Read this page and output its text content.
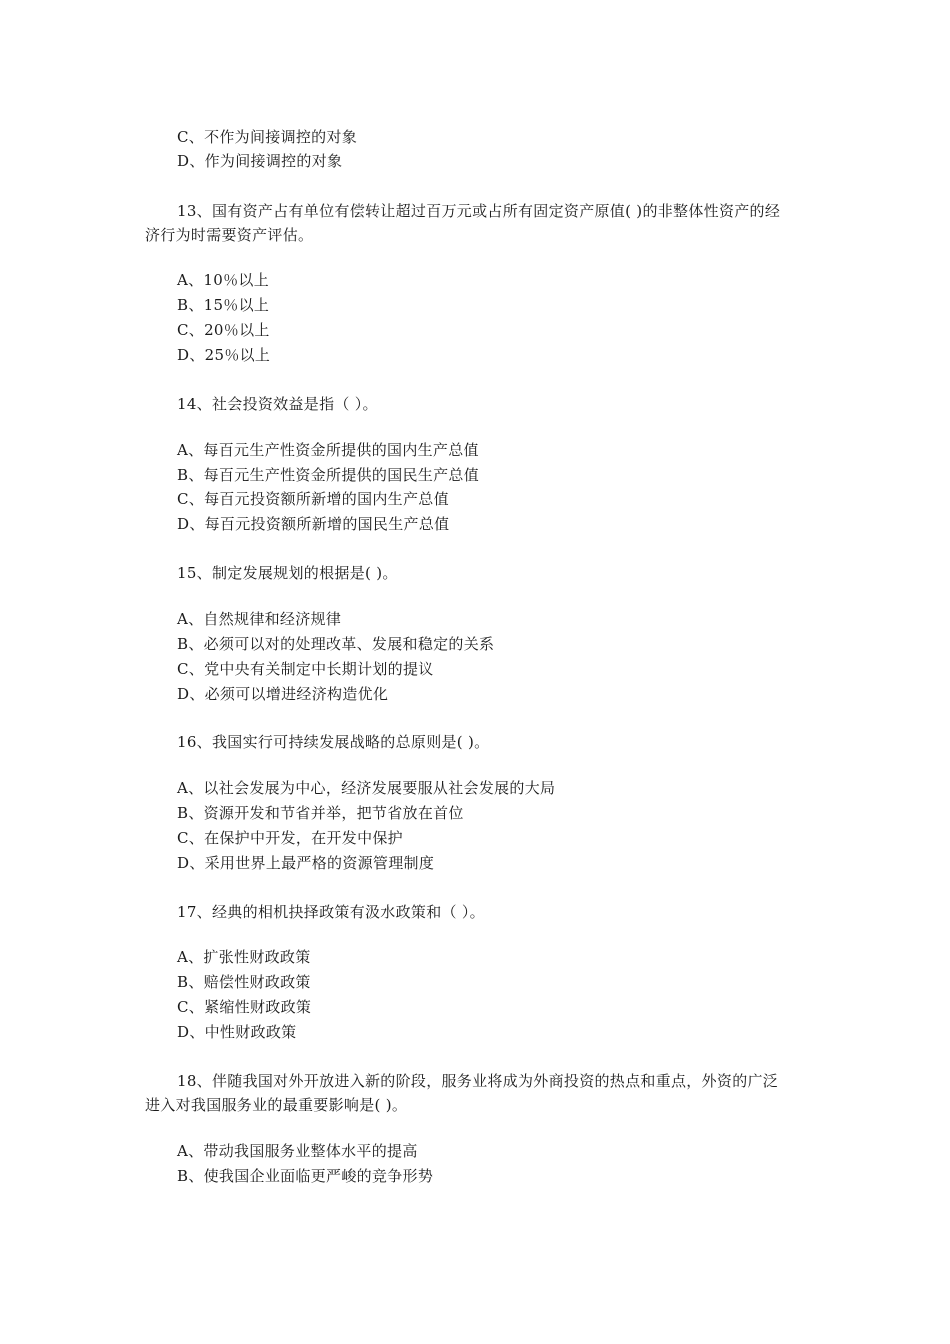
C、不作为间接调控的对象
D、作为间接调控的对象
13、国有资产占有单位有偿转让超过百万元或占所有固定资产原值( )的非整体性资产的经
济行为时需要资产评估。
A、10％以上
B、15％以上
C、20％以上
D、25％以上
14、社会投资效益是指（ ）。
A、每百元生产性资金所提供的国内生产总值
B、每百元生产性资金所提供的国民生产总值
C、每百元投资额所新增的国内生产总值
D、每百元投资额所新增的国民生产总值
15、制定发展规划的根据是( )。
A、自然规律和经济规律
B、必须可以对的处理改革、发展和稳定的关系
C、党中央有关制定中长期计划的提议
D、必须可以增进经济构造优化
16、我国实行可持续发展战略的总原则是( )。
A、以社会发展为中心，经济发展要服从社会发展的大局
B、资源开发和节省并举，把节省放在首位
C、在保护中开发，在开发中保护
D、采用世界上最严格的资源管理制度
17、经典的相机抉择政策有汲水政策和（ ）。
A、扩张性财政政策
B、赔偿性财政政策
C、紧缩性财政政策
D、中性财政政策
18、伴随我国对外开放进入新的阶段，服务业将成为外商投资的热点和重点，外资的广泛
进入对我国服务业的最重要影响是( )。
A、带动我国服务业整体水平的提高
B、使我国企业面临更严峻的竞争形势
